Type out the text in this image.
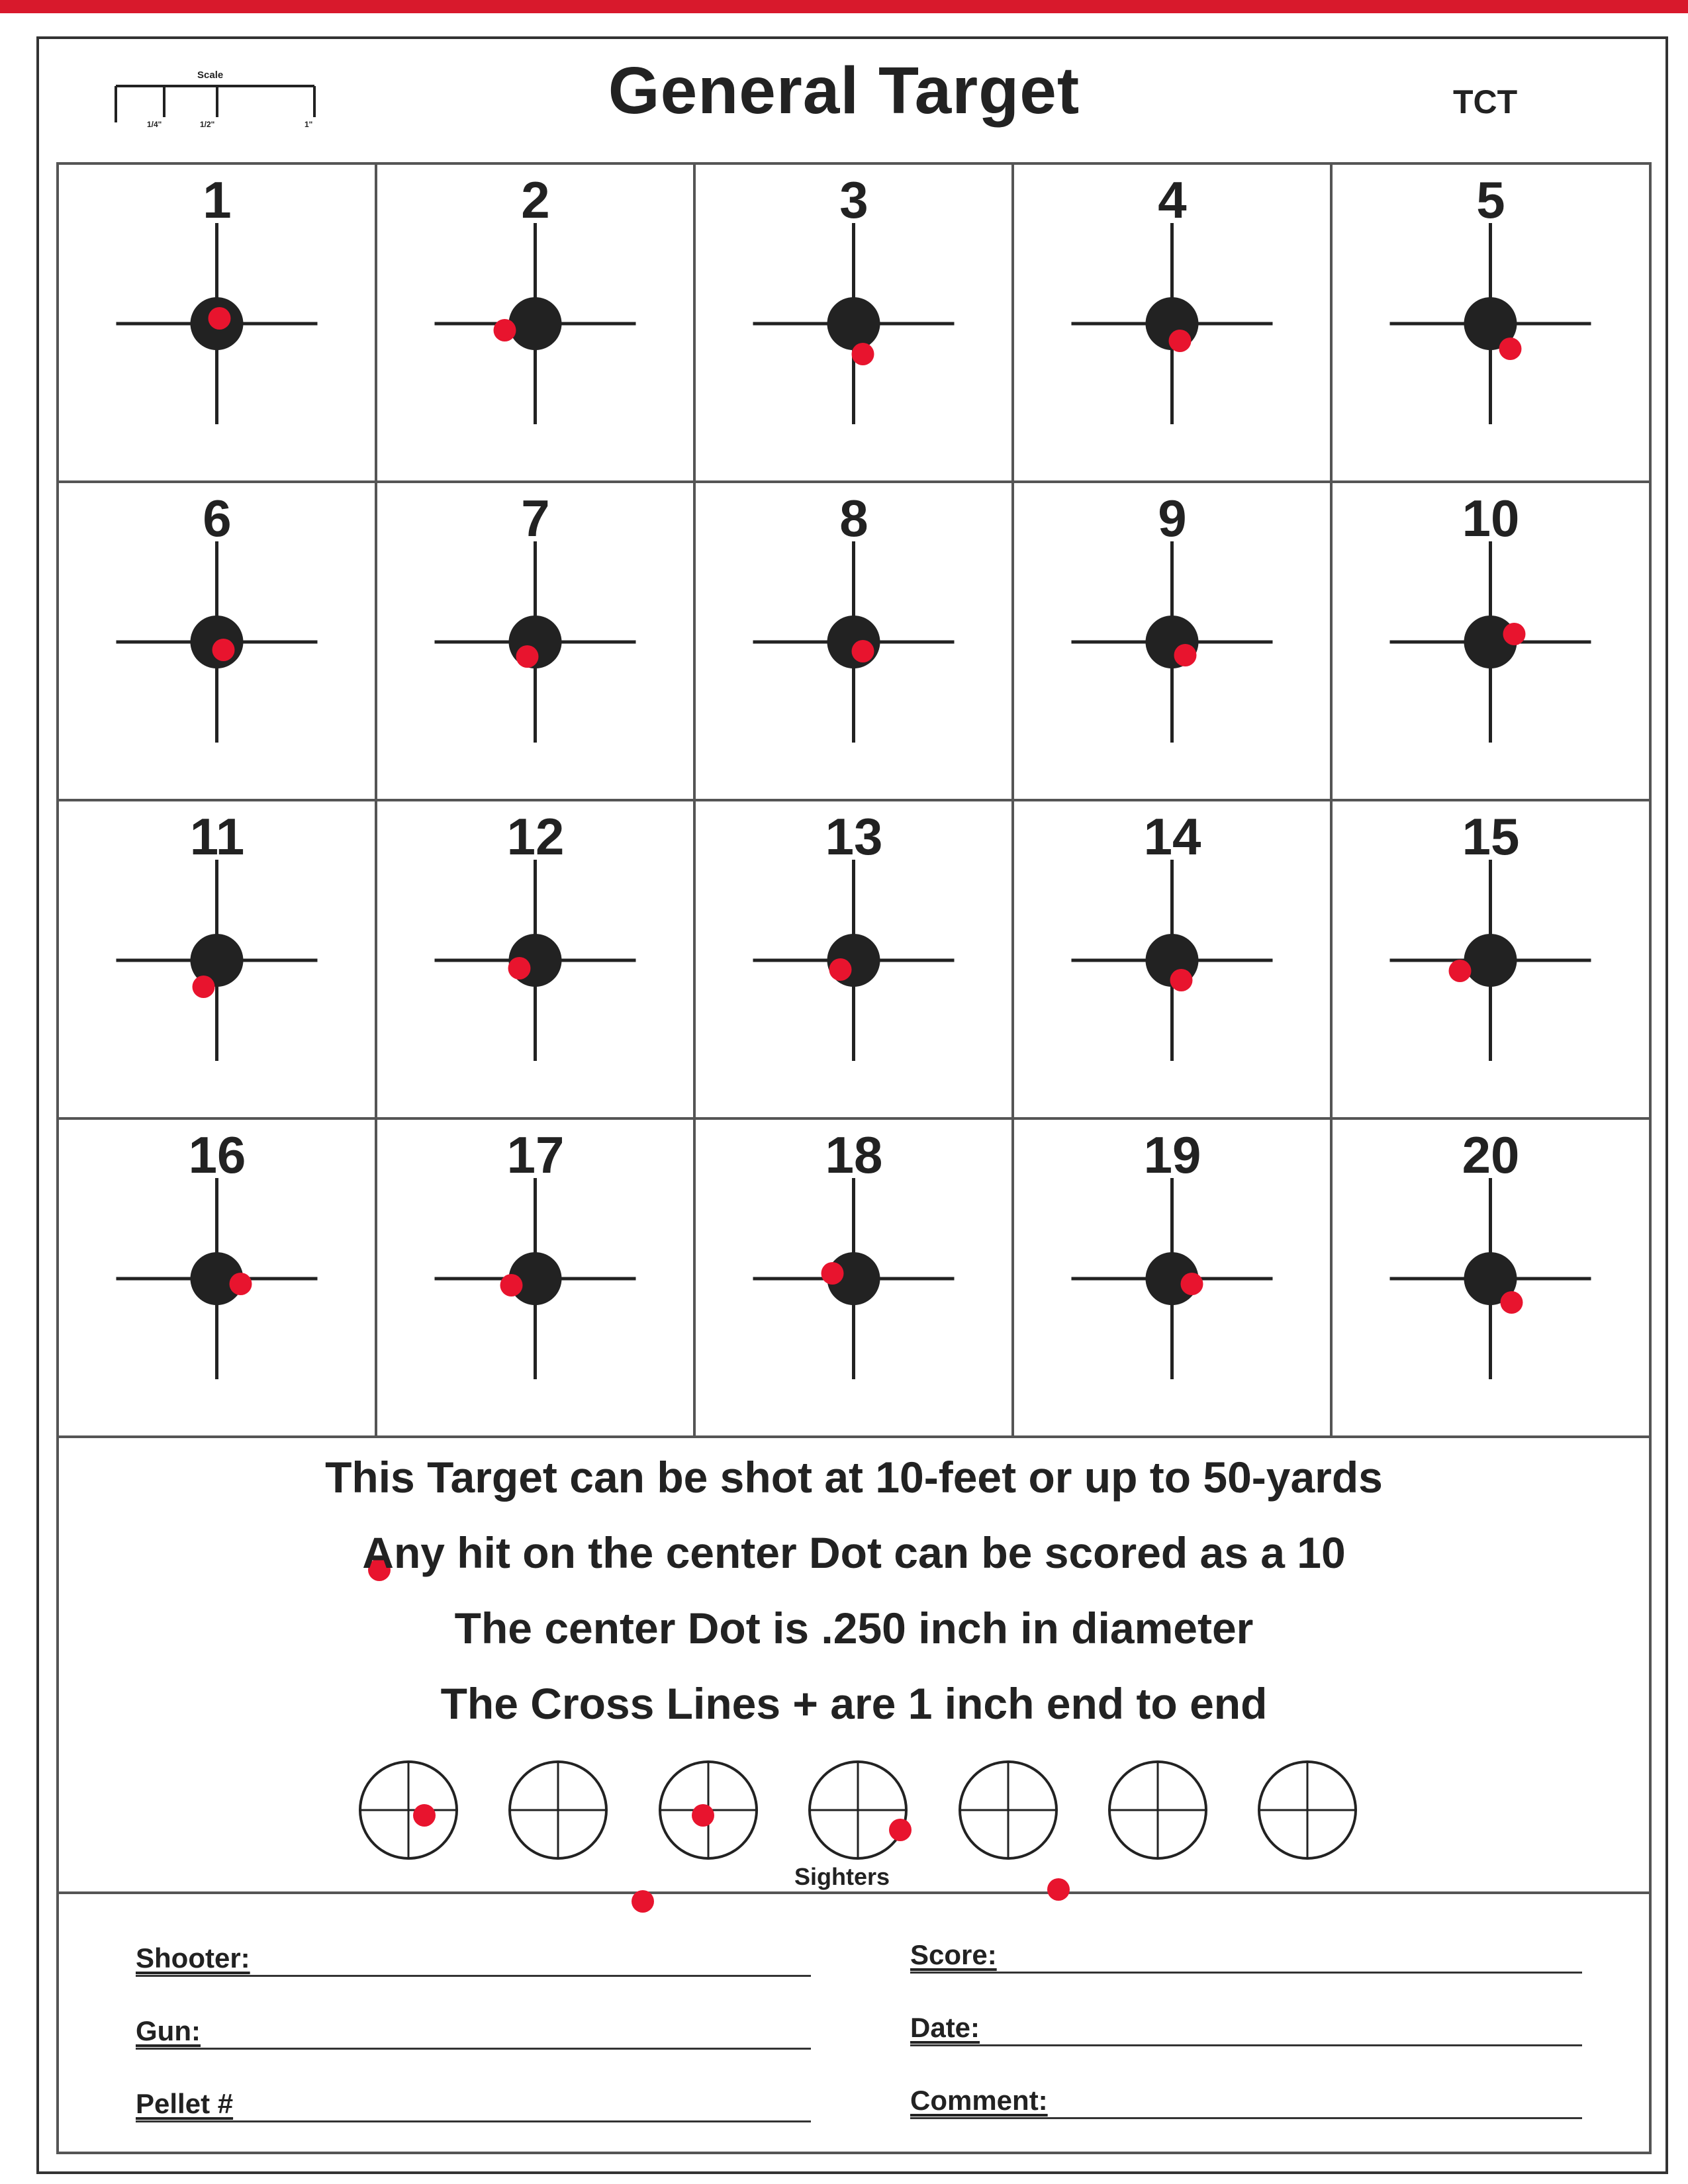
Scale
1/4"	1/2"	1"	General Target	TCT
1	2	3	4	5
6	7	8	9	10
11	12	13	14	15
16	17	18	19	20
This Target can be shot at 10-feet or up to 50-yards
Any hit on the center Dot can be scored as a 10
The center Dot is .250 inch in diameter
The Cross Lines + are 1 inch end to end
Sighters
Shooter:
Gun:
Pellet #
Score:
Date:
Comment:
